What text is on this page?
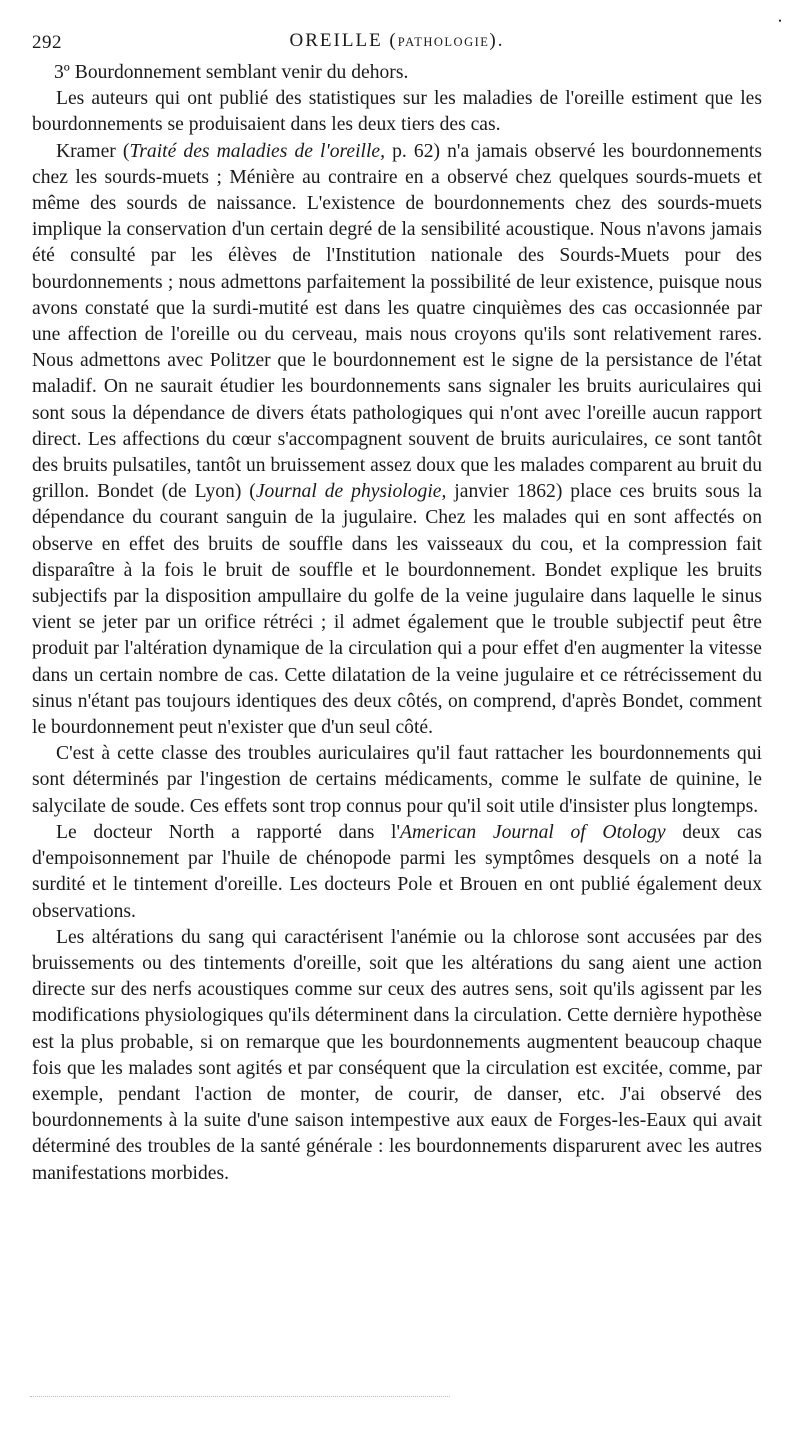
292	OREILLE (PATHOLOGIE).
•

3º Bourdonnement semblant venir du dehors.

Les auteurs qui ont publié des statistiques sur les maladies de l'oreille estiment que les bourdonnements se produisaient dans les deux tiers des cas.

Kramer (Traité des maladies de l'oreille, p. 62) n'a jamais observé les bourdonnements chez les sourds-muets ; Ménière au contraire en a observé chez quelques sourds-muets et même des sourds de naissance. L'existence de bourdonnements chez des sourds-muets implique la conservation d'un certain degré de la sensibilité acoustique. Nous n'avons jamais été consulté par les élèves de l'Institution nationale des Sourds-Muets pour des bourdonnements ; nous admettons parfaitement la possibilité de leur existence, puisque nous avons constaté que la surdi-mutité est dans les quatre cinquièmes des cas occasionnée par une affection de l'oreille ou du cerveau, mais nous croyons qu'ils sont relativement rares. Nous admettons avec Politzer que le bourdonnement est le signe de la persistance de l'état maladif. On ne saurait étudier les bourdonnements sans signaler les bruits auriculaires qui sont sous la dépendance de divers états pathologiques qui n'ont avec l'oreille aucun rapport direct. Les affections du cœur s'accompagnent souvent de bruits auriculaires, ce sont tantôt des bruits pulsatiles, tantôt un bruissement assez doux que les malades comparent au bruit du grillon. Bondet (de Lyon) (Journal de physiologie, janvier 1862) place ces bruits sous la dépendance du courant sanguin de la jugulaire. Chez les malades qui en sont affectés on observe en effet des bruits de souffle dans les vaisseaux du cou, et la compression fait disparaître à la fois le bruit de souffle et le bourdonnement. Bondet explique les bruits subjectifs par la disposition ampullaire du golfe de la veine jugulaire dans laquelle le sinus vient se jeter par un orifice rétréci ; il admet également que le trouble subjectif peut être produit par l'altération dynamique de la circulation qui a pour effet d'en augmenter la vitesse dans un certain nombre de cas. Cette dilatation de la veine jugulaire et ce rétrécissement du sinus n'étant pas toujours identiques des deux côtés, on comprend, d'après Bondet, comment le bourdonnement peut n'exister que d'un seul côté.

C'est à cette classe des troubles auriculaires qu'il faut rattacher les bourdonnements qui sont déterminés par l'ingestion de certains médicaments, comme le sulfate de quinine, le salycilate de soude. Ces effets sont trop connus pour qu'il soit utile d'insister plus longtemps.

Le docteur North a rapporté dans l'American Journal of Otology deux cas d'empoisonnement par l'huile de chénopode parmi les symptômes desquels on a noté la surdité et le tintement d'oreille. Les docteurs Pole et Brouen en ont publié également deux observations.

Les altérations du sang qui caractérisent l'anémie ou la chlorose sont accusées par des bruissements ou des tintements d'oreille, soit que les altérations du sang aient une action directe sur des nerfs acoustiques comme sur ceux des autres sens, soit qu'ils agissent par les modifications physiologiques qu'ils déterminent dans la circulation. Cette dernière hypothèse est la plus probable, si on remarque que les bourdonnements augmentent beaucoup chaque fois que les malades sont agités et par conséquent que la circulation est excitée, comme, par exemple, pendant l'action de monter, de courir, de danser, etc. J'ai observé des bourdonnements à la suite d'une saison intempestive aux eaux de Forges-les-Eaux qui avait déterminé des troubles de la santé générale : les bourdonnements disparurent avec les autres manifestations morbides.
